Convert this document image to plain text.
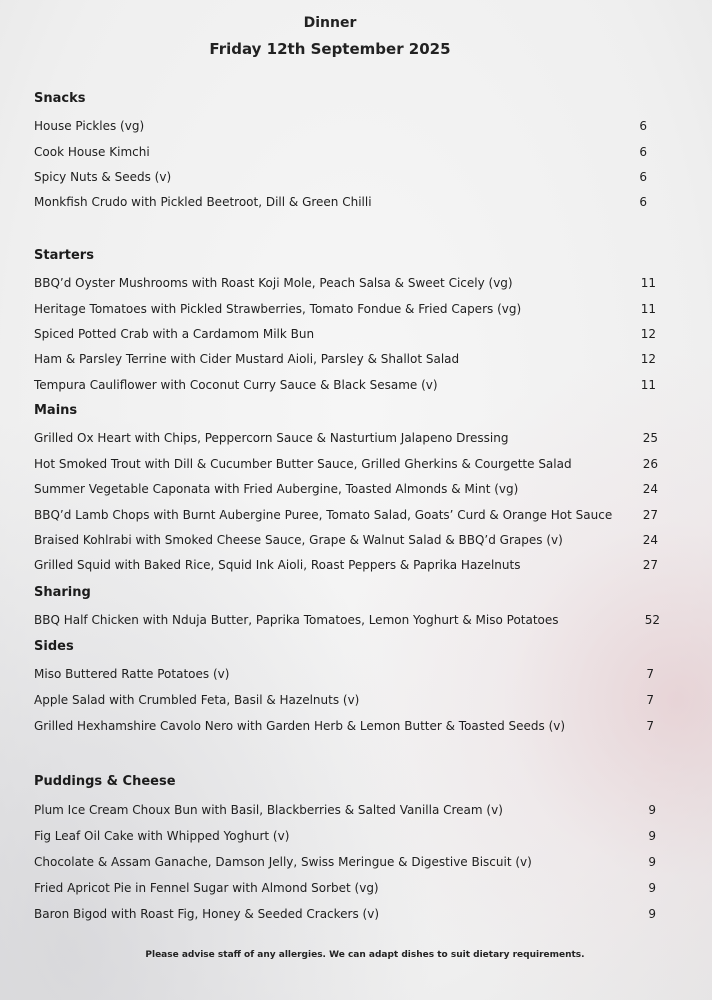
Dinner
Friday 12th September 2025
Snacks
House Pickles (vg)	6
Cook House Kimchi	6
Spicy Nuts & Seeds (v)	6
Monkfish Crudo with Pickled Beetroot, Dill & Green Chilli	6
Starters
BBQ’d Oyster Mushrooms with Roast Koji Mole, Peach Salsa & Sweet Cicely (vg)	11
Heritage Tomatoes with Pickled Strawberries, Tomato Fondue & Fried Capers (vg)	11
Spiced Potted Crab with a Cardamom Milk Bun	12
Ham & Parsley Terrine with Cider Mustard Aioli, Parsley & Shallot Salad	12
Tempura Cauliflower with Coconut Curry Sauce & Black Sesame (v)	11
Mains
Grilled Ox Heart with Chips, Peppercorn Sauce & Nasturtium Jalapeno Dressing	25
Hot Smoked Trout with Dill & Cucumber Butter Sauce, Grilled Gherkins & Courgette Salad	26
Summer Vegetable Caponata with Fried Aubergine, Toasted Almonds & Mint (vg)	24
BBQ’d Lamb Chops with Burnt Aubergine Puree, Tomato Salad, Goats’ Curd & Orange Hot Sauce	27
Braised Kohlrabi with Smoked Cheese Sauce, Grape & Walnut Salad & BBQ’d Grapes (v)	24
Grilled Squid with Baked Rice, Squid Ink Aioli, Roast Peppers & Paprika Hazelnuts	27
Sharing
BBQ Half Chicken with Nduja Butter, Paprika Tomatoes, Lemon Yoghurt & Miso Potatoes	52
Sides
Miso Buttered Ratte Potatoes (v)	7
Apple Salad with Crumbled Feta, Basil & Hazelnuts (v)	7
Grilled Hexhamshire Cavolo Nero with Garden Herb & Lemon Butter & Toasted Seeds (v)	7
Puddings & Cheese
Plum Ice Cream Choux Bun with Basil, Blackberries & Salted Vanilla Cream (v)	9
Fig Leaf Oil Cake with Whipped Yoghurt (v)	9
Chocolate & Assam Ganache, Damson Jelly, Swiss Meringue & Digestive Biscuit (v)	9
Fried Apricot Pie in Fennel Sugar with Almond Sorbet (vg)	9
Baron Bigod with Roast Fig, Honey & Seeded Crackers (v)	9
Please advise staff of any allergies. We can adapt dishes to suit dietary requirements.
